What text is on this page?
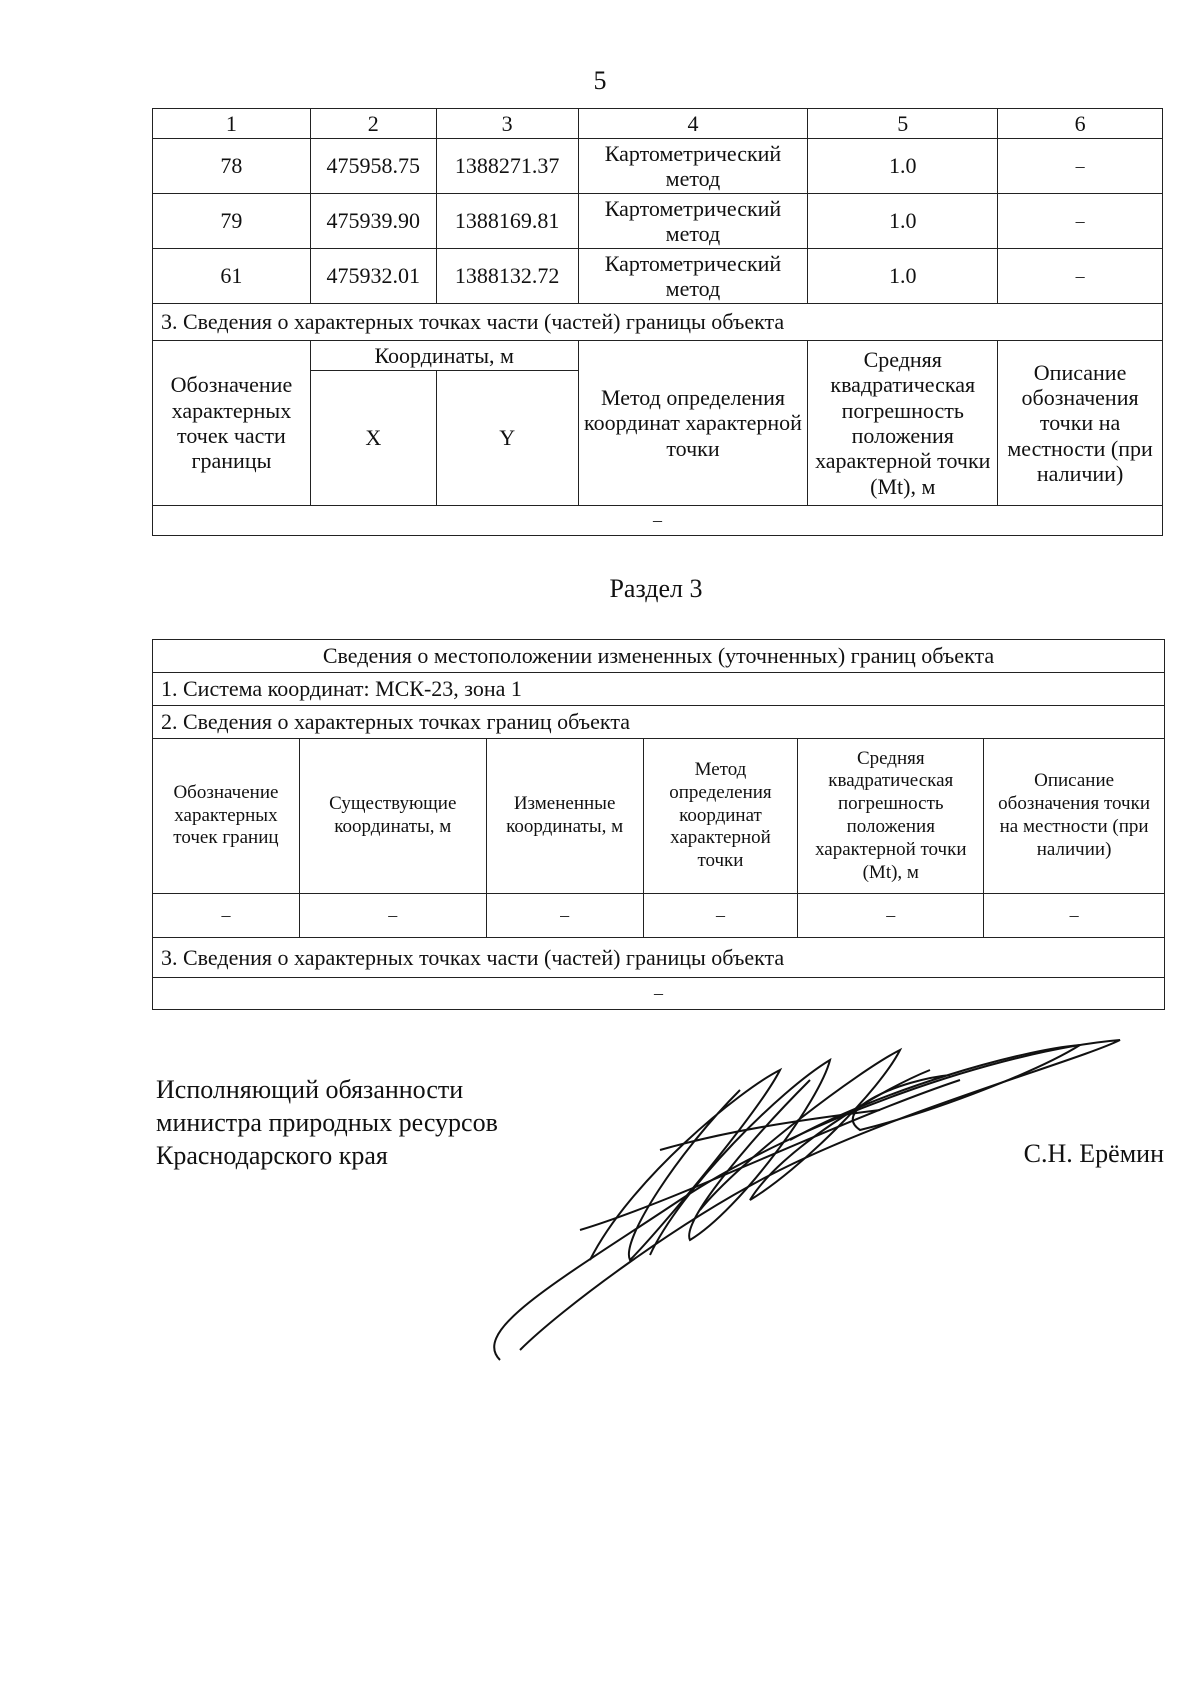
5
1	2	3	4	5	6
78	475958.75	1388271.37	Картометрический метод	1.0	–
79	475939.90	1388169.81	Картометрический метод	1.0	–
61	475932.01	1388132.72	Картометрический метод	1.0	–
3. Сведения о характерных точках части (частей) границы объекта					
Обозначение характерных точек части границы	Координаты, м		Метод определения координат характерной точки	Средняя квадратическая погрешность положения характерной точки (Mt), м	Описание обозначения точки на местности (при наличии)
	X	Y			
–					
Раздел 3
Сведения о местоположении измененных (уточненных) границ объекта					
1. Система координат: МСК-23, зона 1					
2. Сведения о характерных точках границ объекта					
Обозначение характерных точек границ	Существующие координаты, м	Измененные координаты, м	Метод определения координат характерной точки	Средняя квадратическая погрешность положения характерной точки (Mt), м	Описание обозначения точки на местности (при наличии)
–	–	–	–	–	–
3. Сведения о характерных точках части (частей) границы объекта					
–					
Исполняющий обязанности
министра природных ресурсов
Краснодарского края	С.Н. Ерёмин
